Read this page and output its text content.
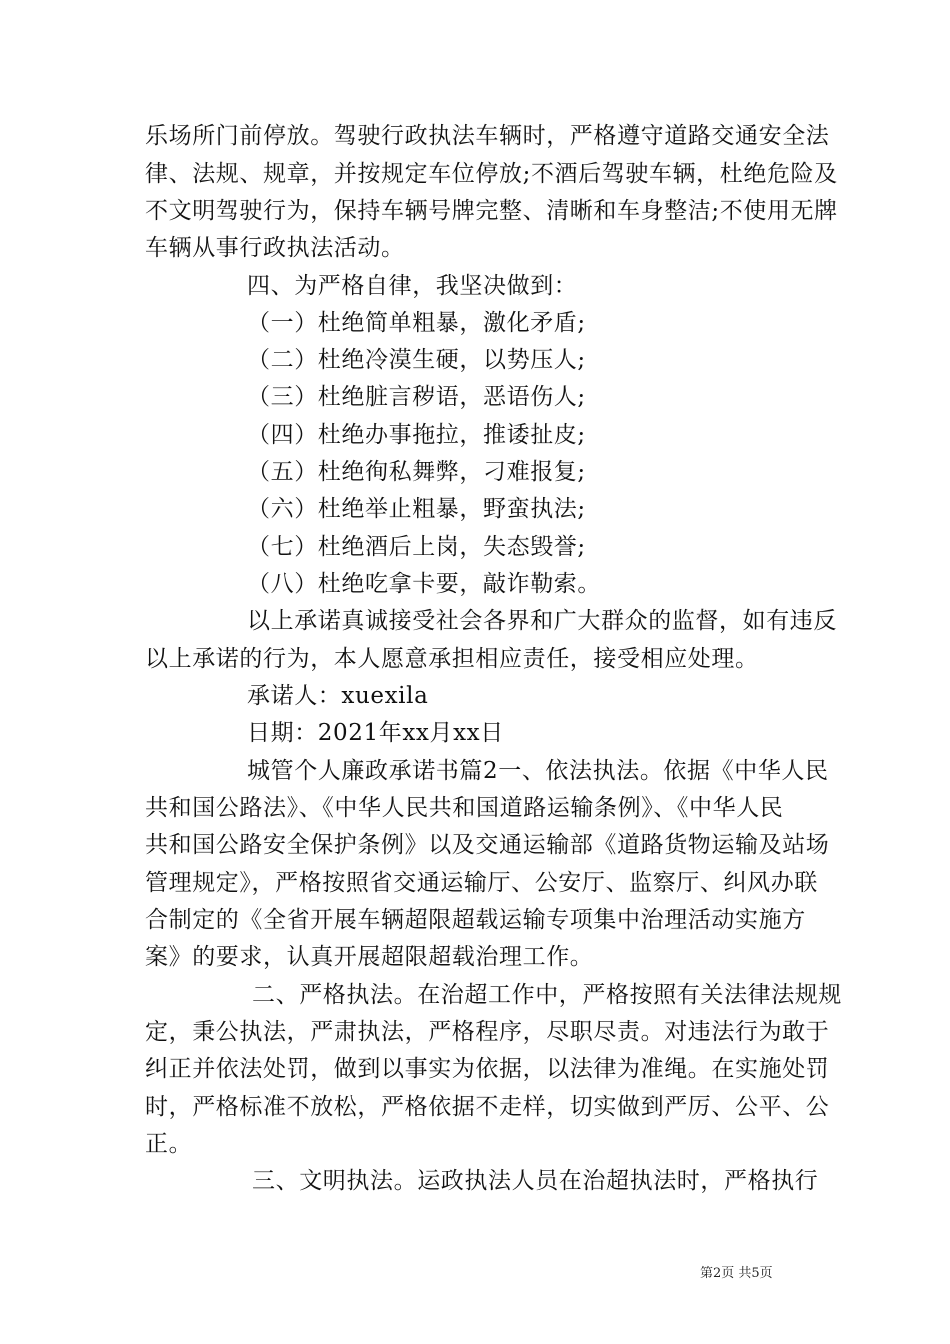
乐场所门前停放。驾驶行政执法车辆时，严格遵守道路交通安全法
律、法规、规章，并按规定车位停放;不酒后驾驶车辆，杜绝危险及
不文明驾驶行为，保持车辆号牌完整、清晰和车身整洁;不使用无牌
车辆从事行政执法活动。
四、为严格自律，我坚决做到：
（一）杜绝简单粗暴，激化矛盾;
（二）杜绝冷漠生硬，以势压人;
（三）杜绝脏言秽语，恶语伤人;
（四）杜绝办事拖拉，推诿扯皮;
（五）杜绝徇私舞弊，刁难报复;
（六）杜绝举止粗暴，野蛮执法;
（七）杜绝酒后上岗，失态毁誉;
（八）杜绝吃拿卡要，敲诈勒索。
以上承诺真诚接受社会各界和广大群众的监督，如有违反
以上承诺的行为，本人愿意承担相应责任，接受相应处理。
承诺人：xuexila
日期：2021年xx月xx日
城管个人廉政承诺书篇2一、依法执法。依据《中华人民
共和国公路法》、《中华人民共和国道路运输条例》、《中华人民
共和国公路安全保护条例》以及交通运输部《道路货物运输及站场
管理规定》，严格按照省交通运输厅、公安厅、监察厅、纠风办联
合制定的《全省开展车辆超限超载运输专项集中治理活动实施方
案》的要求，认真开展超限超载治理工作。
二、严格执法。在治超工作中，严格按照有关法律法规规
定，秉公执法，严肃执法，严格程序，尽职尽责。对违法行为敢于
纠正并依法处罚，做到以事实为依据，以法律为准绳。在实施处罚
时，严格标准不放松，严格依据不走样，切实做到严厉、公平、公
正。
三、文明执法。运政执法人员在治超执法时，严格执行
第2页 共5页
